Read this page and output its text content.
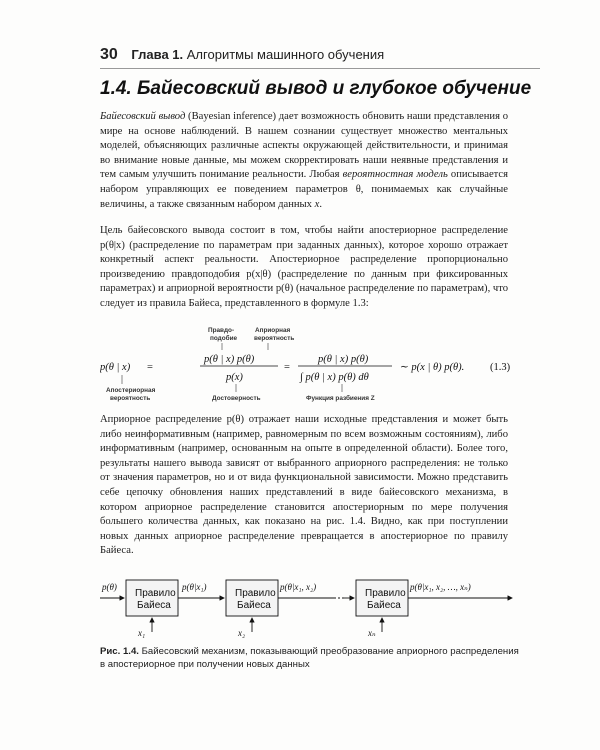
30 Глава 1. Алгоритмы машинного обучения
1.4. Байесовский вывод и глубокое обучение

Байесовский вывод (Bayesian inference) дает возможность обновить наши представления о мире на основе наблюдений. В нашем сознании существует множество ментальных моделей, объясняющих различные аспекты окружающей действительности, и принимая во внимание новые данные, мы можем скорректировать наши неявные представления и тем самым улучшить понимание реальности. Любая вероятностная модель описывается набором управляющих ее поведением параметров θ, понимаемых как случайные величины, а также связанным набором данных x.

Цель байесовского вывода состоит в том, чтобы найти апостериорное распределение p(θ|x) (распределение по параметрам при заданных данных), которое хорошо отражает конкретный аспект реальности. Апостериорное распределение пропорционально произведению правдоподобия p(x|θ) (распределение по данным при фиксированных параметрах) и априорной вероятности p(θ) (начальное распределение по параметрам), что следует из правила Байеса, представленного в формуле 1.3:

Правдо-
подобие
Априорная
вероятность
p(θ | x) =
p(θ | x) p(θ)
p(x)
=
p(θ | x) p(θ)
∫ p(θ | x) p(θ) dθ
∼ p(x | θ) p(θ). (1.3)
Апостериорная
вероятность	Достоверность	Функция разбиения Z

Априорное распределение p(θ) отражает наши исходные представления и может быть либо неинформативным (например, равномерным по всем возможным состояниям), либо информативным (например, основанным на опыте в определенной области). Более того, результаты нашего вывода зависят от выбранного априорного распределения: не только от значения параметров, но и от вида функциональной зависимости. Можно представить себе цепочку обновления наших представлений в виде байесовского механизма, в котором априорное распределение становится апостериорным по мере получения большего количества данных, как показано на рис. 1.4. Видно, как при поступлении новых данных априорное распределение превращается в апостериорное по правилу Байеса.

p(θ)
Правило
Байеса
x₁
p(θ|x₁)
Правило
Байеса
x₂
p(θ|x₁, x₂)
Правило
Байеса
xₙ
p(θ|x₁, x₂, …, xₙ)

Рис. 1.4. Байесовский механизм, показывающий преобразование априорного распределения в апостериорное при получении новых данных
